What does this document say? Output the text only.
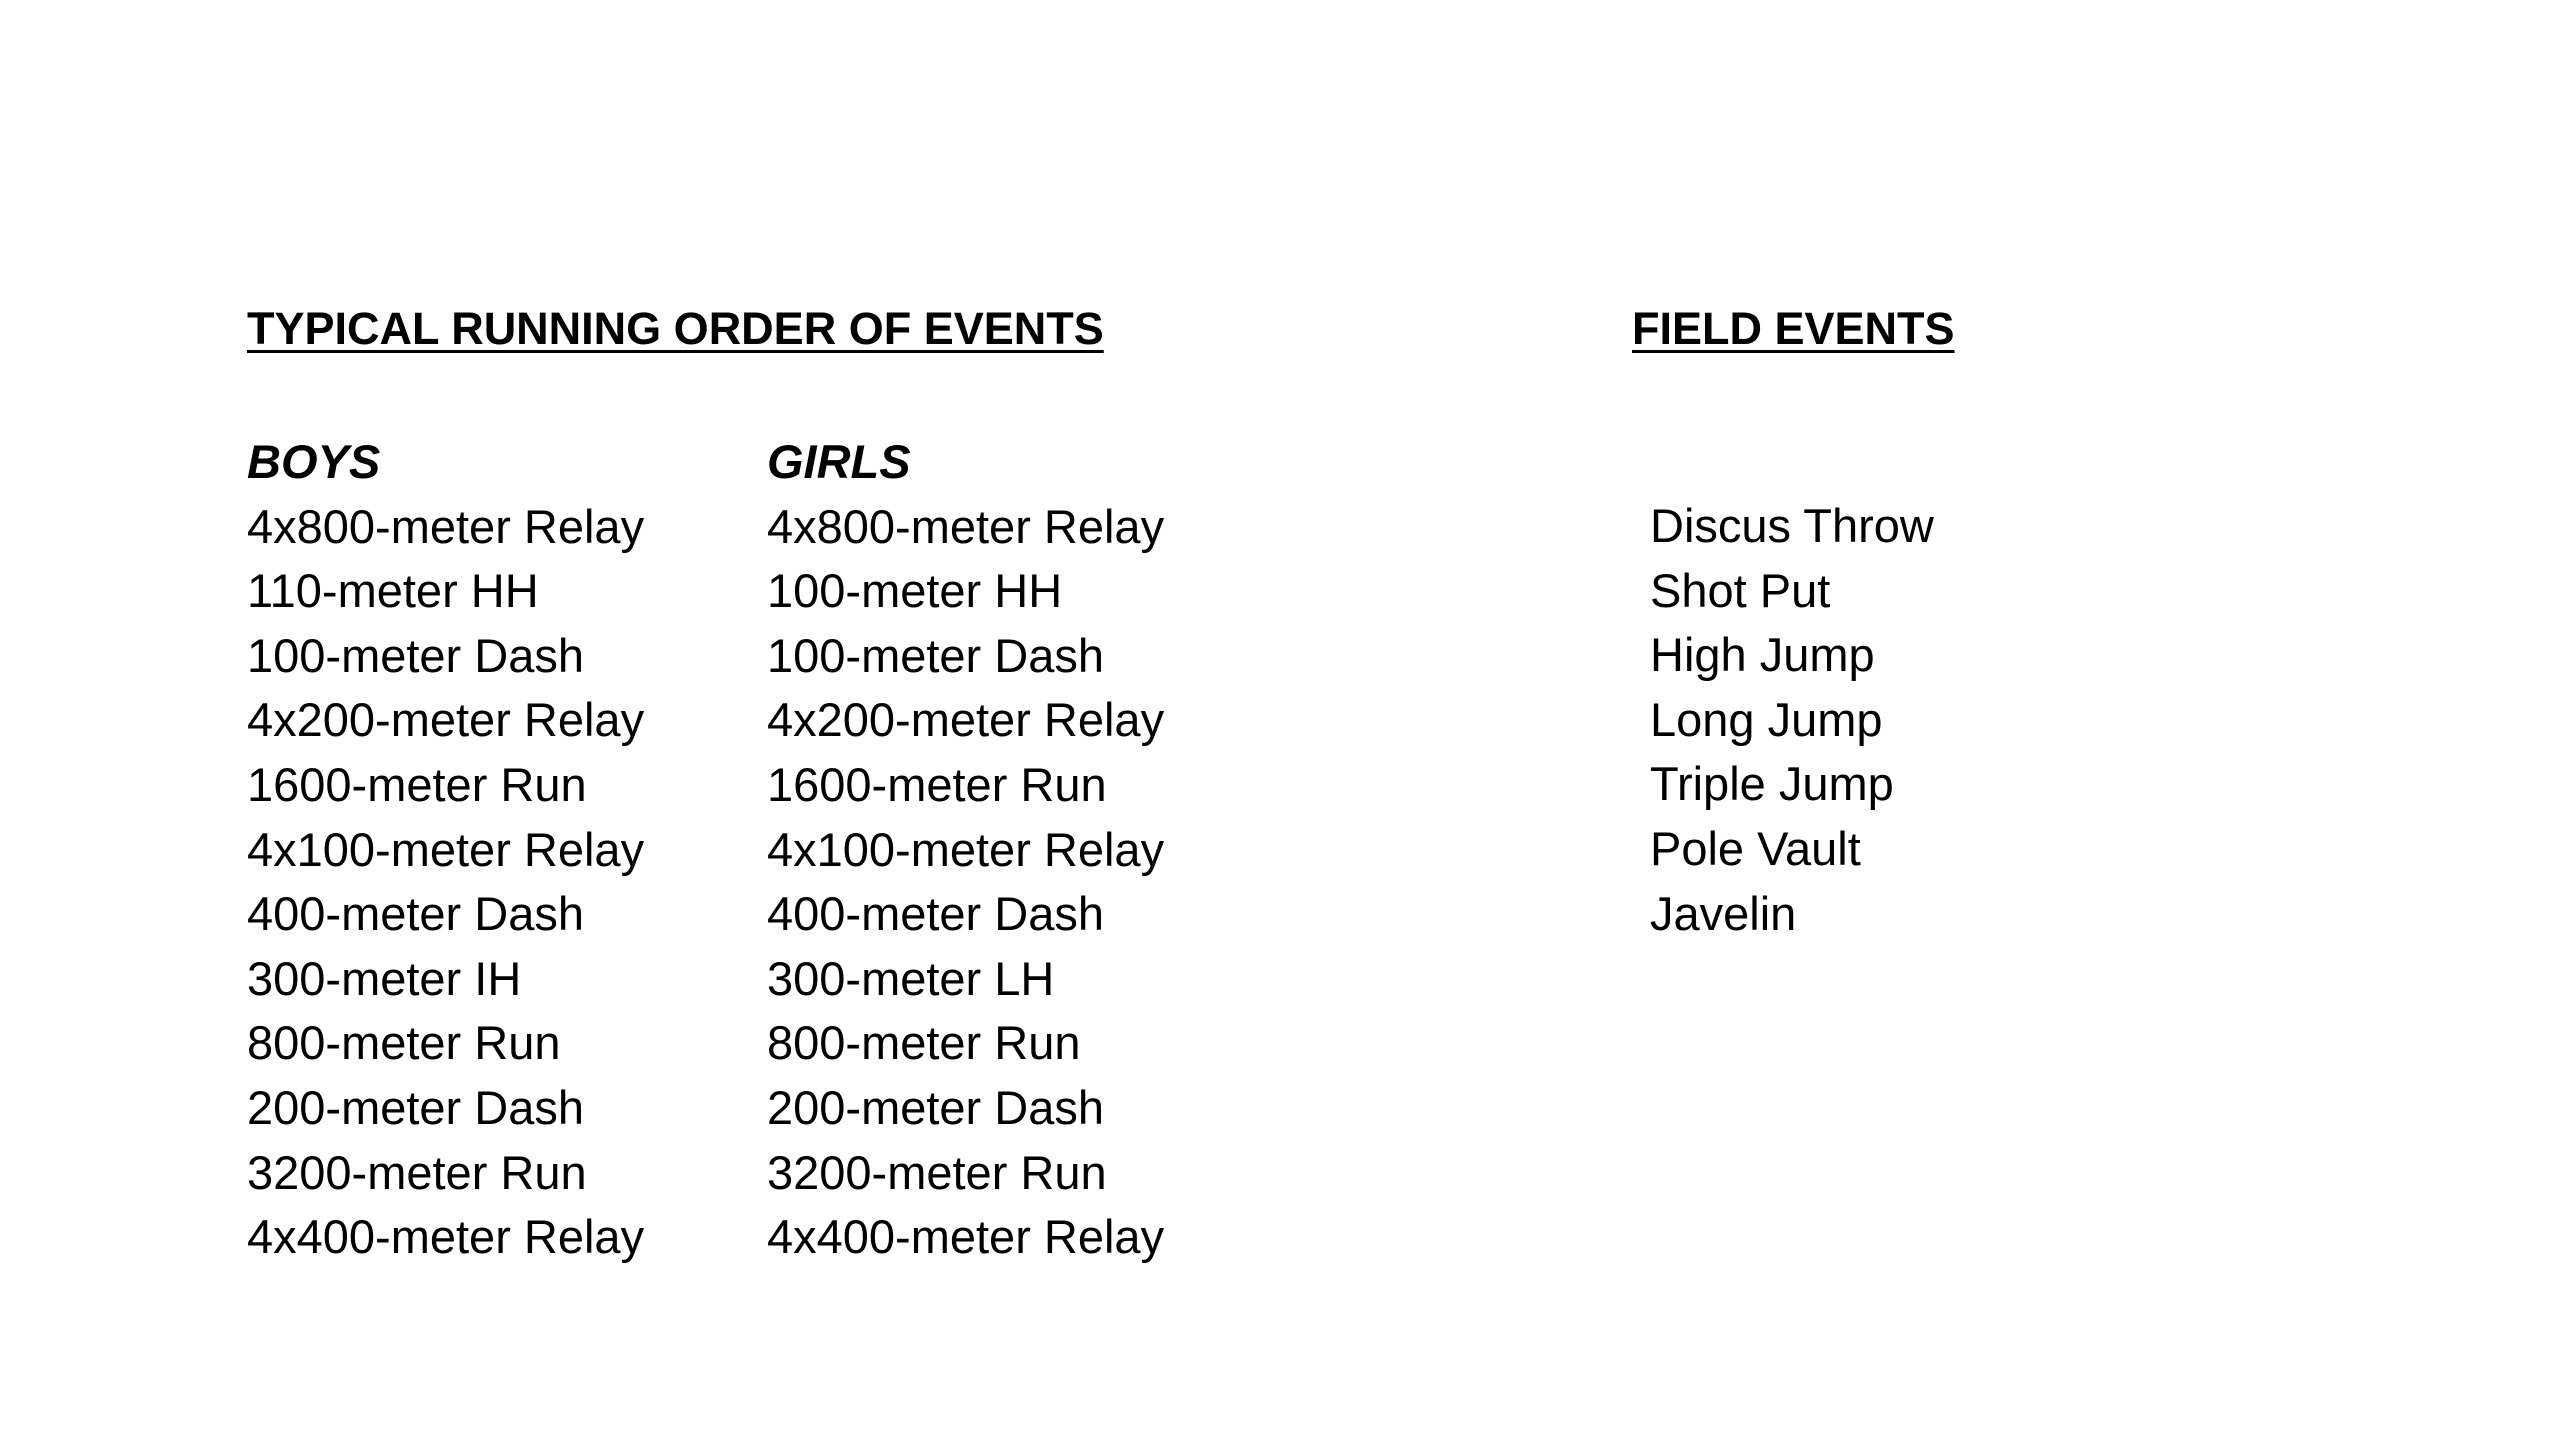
TYPICAL RUNNING ORDER OF EVENTS	FIELD EVENTS
BOYS
4x800-meter Relay
110-meter HH
100-meter Dash
4x200-meter Relay
1600-meter Run
4x100-meter Relay
400-meter Dash
300-meter IH
800-meter Run
200-meter Dash
3200-meter Run
4x400-meter Relay
GIRLS
4x800-meter Relay
100-meter HH
100-meter Dash
4x200-meter Relay
1600-meter Run
4x100-meter Relay
400-meter Dash
300-meter LH
800-meter Run
200-meter Dash
3200-meter Run
4x400-meter Relay
Discus Throw
Shot Put
High Jump
Long Jump
Triple Jump
Pole Vault
Javelin
